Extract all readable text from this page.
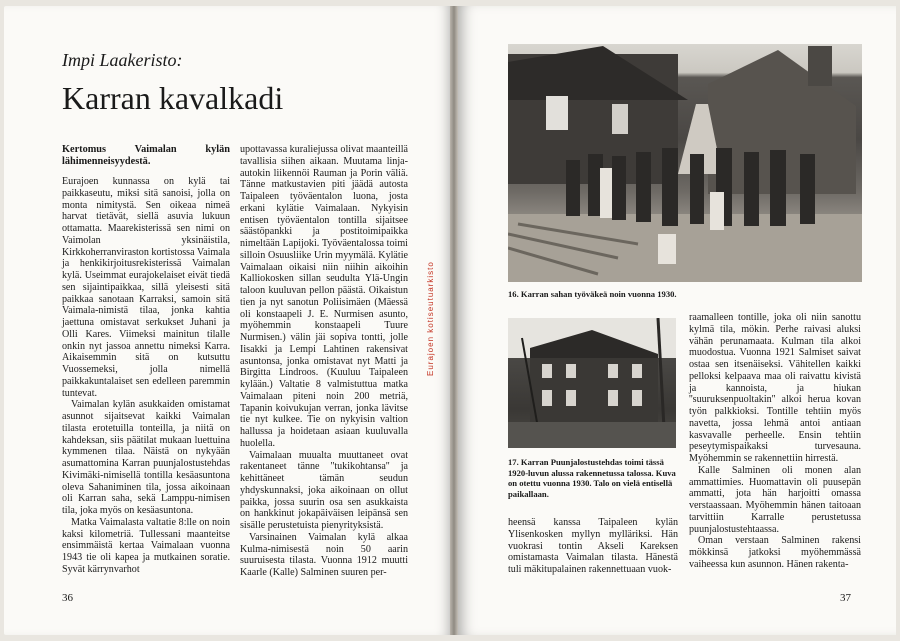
Impi Laakeristo:
Karran kavalkadi

Kertomus Vaimalan kylän lähimenneisyydestä.

Eurajoen kunnassa on kylä tai paikkaseutu, miksi sitä sanoisi, jolla on monta nimitystä. Sen oikeaa nimeä harvat tietävät, siellä asuvia lukuun ottamatta. Maarekisterissä sen nimi on Vaimolan yksinäistila, Kirkkoherranviraston kortistossa Vaimala ja henkikirjoitusrekisterissä Vaimalan kylä. Useimmat eurajokelaiset eivät tiedä sen sijaintipaikkaa, sillä yleisesti sitä paikkaa sanotaan Karraksi, samoin sitä Vaimala-nimistä tilaa, jonka kahtia jaettuna omistavat serkukset Juhani ja Olli Kares. Viimeksi mainitun tilalle onkin nyt jassoa annettu nimeksi Karra. Aikaisemmin sitä on kutsuttu Vuossemeksi, jolla nimellä paikkakuntalaiset sen edelleen paremmin tuntevat.

Vaimalan kylän asukkaiden omistamat asunnot sijaitsevat kaikki Vaimalan tilasta erotetuilla tonteilla, ja niitä on kahdeksan, siis päätilat mukaan luettuina kymmenen tilaa. Näistä on nykyään asumattomina Karran puunjalostustehdas Kivimäki-nimisellä tontilla kesäasuntona oleva Sahaniminen tila, jossa aikoinaan oli Karran saha, sekä Lamppu-nimisen tila, joka myös on kesäasuntona.

Matka Vaimalasta valtatie 8:lle on noin kaksi kilometriä. Tullessani maanteitse ensimmäistä kertaa Vaimalaan vuonna 1943 tie oli kapea ja mutkainen soratie. Syvät kärrynvarhot

upottavassa kuraliejussa olivat maanteillä tavallisia siihen aikaan. Muutama linja-autokin liikennöi Rauman ja Porin väliä. Tänne matkustavien piti jäädä autosta Taipaleen työväentalon luona, josta erkani kylätie Vaimalaan. Nykyisin entisen työväentalon tontilla sijaitsee säästöpankki ja postitoimipaikka nimeltään Lapijoki. Työväentalossa toimi silloin Osuusliike Urin myymälä. Kylätie Vaimalaan oikaisi niin niihin aikoihin Kalliokosken sillan seudulta Ylä-Ungin taloon kuuluvan pellon päästä. Oikaistun tien ja nyt sanotun Poliisimäen (Mäessä oli konstaapeli J. E. Nurmisen asunto, myöhemmin konstaapeli Tuure Nurmisen.) välin jäi sopiva tontti, jolle Iisakki ja Lempi Lahtinen rakensivat asuntonsa, jonka omistavat nyt Matti ja Birgitta Lindroos. (Kuuluu Taipaleen kylään.) Valtatie 8 valmistuttua matka Vaimalaan piteni noin 200 metriä, Tapanin koivukujan verran, jonka lävitse tie nyt kulkee. Tie on nykyisin valtion hallussa ja hoidetaan asiaan kuuluvalla huolella.

Vaimalaan muualta muuttaneet ovat rakentaneet tänne ''tukikohtansa'' ja kehittäneet tämän seudun yhdyskunnaksi, joka aikoinaan on ollut paikka, jossa suurin osa sen asukkaista on hankkinut jokapäiväisen leipänsä sen sisälle perustetuista pienyrityksistä.

Varsinainen Vaimalan kylä alkaa Kulma-nimisestä noin 50 aarin suuruisesta tilasta. Vuonna 1912 muutti Kaarle (Kalle) Salminen suuren per-

Eurajoen kotiseutuarkisto
36
16. Karran sahan työväkeä noin vuonna 1930.
17. Karran Puunjalostustehdas toimi tässä 1920-luvun alussa rakennetussa talossa. Kuva on otettu vuonna 1930. Talo on vielä entisellä paikallaan.

heensä kanssa Taipaleen kylän Ylisenkosken myllyn mylläriksi. Hän vuokrasi tontin Akseli Kareksen omistamasta Vaimalan tilasta. Hänestä tuli mäkitupalainen rakennettuaan vuok-

raamalleen tontille, joka oli niin sanottu kylmä tila, mökin. Perhe raivasi aluksi vähän perunamaata. Kulman tila alkoi muodostua. Vuonna 1921 Salmiset saivat ostaa sen itsenäiseksi. Vähitellen kaikki pelloksi kelpaava maa oli raivattu kivistä ja kannoista, ja hiukan ''suuruksenpuoltakin'' alkoi heruа kovan työn palkkioksi. Tontille tehtiin myös navetta, jossa lehmä antoi antiaan kasvavalle perheelle. Ensin tehtiin peseytymispaikaksi turvesauna. Myöhemmin se rakennettiin hirrestä.

Kalle Salminen oli monen alan ammattimies. Huomattavin oli puusepän ammatti, jota hän harjoitti omassa verstaassaan. Myöhemmin hänen taitoaan tarvittiin Karralle perustetussa puunjalostustehtaassa.

Oman verstaan Salminen rakensi mökkinsä jatkoksi myöhemmässä vaiheessa kun asunnon. Hänen rakenta-

37
